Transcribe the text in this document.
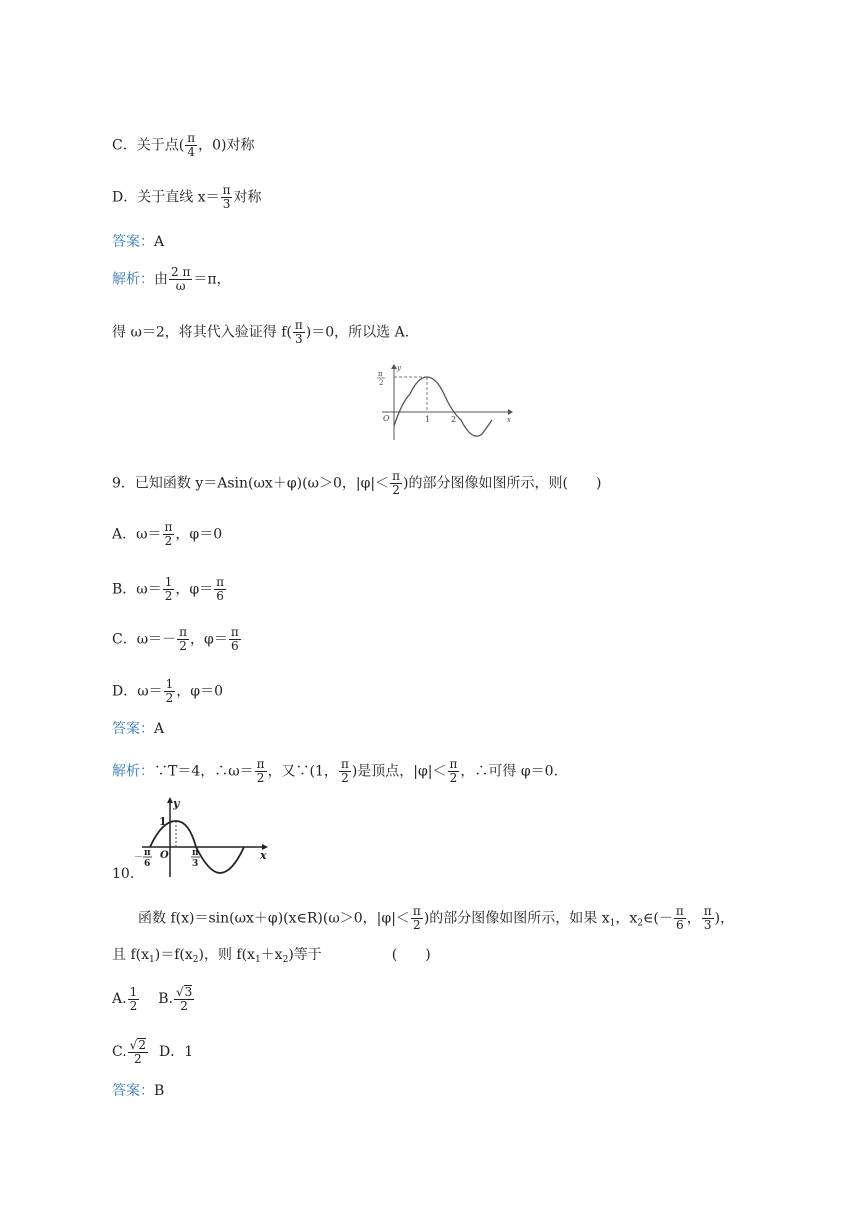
C．关于点( $\frac{\pi}{4}$ ，0)对称
D．关于直线 $x= \frac{\pi}{3}$ 对称
答案：A
解析：由 $\frac{2 \pi}{\omega} =\pi$，
得 ω＝2，将其代入验证得 $f( \frac{\pi}{3} )=0$，所以选 A.
π
2
y
x
O	1	2
9．已知函数 y＝Asin(ωx＋φ)(ω＞0，$|\varphi|< \frac{\pi}{2}$ )的部分图像如图所示，则(　　)
A．$\omega= \frac{\pi}{2}$ ，φ＝0
B．$\omega= \frac{1}{2}$ ，$\varphi= \frac{\pi}{6}$
C．$\omega=- \frac{\pi}{2}$ ，$\varphi= \frac{\pi}{6}$
D．$\omega= \frac{1}{2}$ ，φ＝0
答案：A
解析：∵T＝4，∴ω＝ $\frac{\pi}{2}$ ，又∵(1， $\frac{\pi}{2}$ )是顶点，$|\varphi|< \frac{\pi}{2}$ ，∴可得 φ＝0.
y
x
1
O
－ π
6
π
3
10.
函数 f(x)＝sin(ωx＋φ)(x∈R)(ω＞0，$|\varphi|< \frac{\pi}{2}$ )的部分图像如图所示，如果 $x_1$，$x_2\in(- \frac{\pi}{6}$ ， $\frac{\pi}{3}$ )，
且 $f(x_1)=f(x_2)$，则 $f(x_1+x_2)$等于	(　　)
A. $\frac{1}{2} B$. $\frac{√3}{2}$
C. $\frac{√2}{2}$ D．1
答案：B
